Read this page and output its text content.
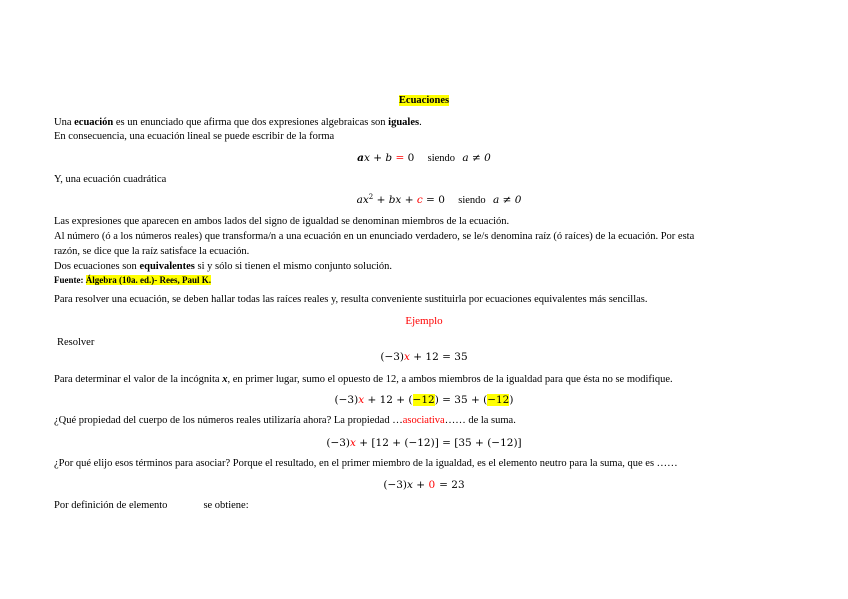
Ecuaciones
Una ecuación es un enunciado que afirma que dos expresiones algebraicas son iguales.
En consecuencia, una ecuación lineal se puede escribir de la forma
ax + b = 0 siendo a ≠ 0
Y, una ecuación cuadrática
$ax^2$ + bx + c = 0 siendo a ≠ 0
Las expresiones que aparecen en ambos lados del signo de igualdad se denominan miembros de la ecuación.
Al número (ó a los números reales) que transforma/n a una ecuación en un enunciado verdadero, se le/s denomina raíz (ó raíces) de la ecuación. Por esta
razón, se dice que la raíz satisface la ecuación.
Dos ecuaciones son equivalentes si y sólo si tienen el mismo conjunto solución.
Fuente: Álgebra (10a. ed.)- Rees, Paul K.
Para resolver una ecuación, se deben hallar todas las raíces reales y, resulta conveniente sustituirla por ecuaciones equivalentes más sencillas.
Ejemplo
Resolver
(−3)x + 12 = 35
Para determinar el valor de la incógnita x, en primer lugar, sumo el opuesto de 12, a ambos miembros de la igualdad para que ésta no se modifique.
(−3)x + 12 + (−12) = 35 + (−12)
¿Qué propiedad del cuerpo de los números reales utilizaría ahora? La propiedad …asociativa…… de la suma.
(−3)x + [12 + (−12)] = [35 + (−12)]
¿Por qué elijo esos términos para asociar? Porque el resultado, en el primer miembro de la igualdad, es el elemento neutro para la suma, que es ……
(−3)x + 0 = 23
Por definición de elemento	se obtiene:
